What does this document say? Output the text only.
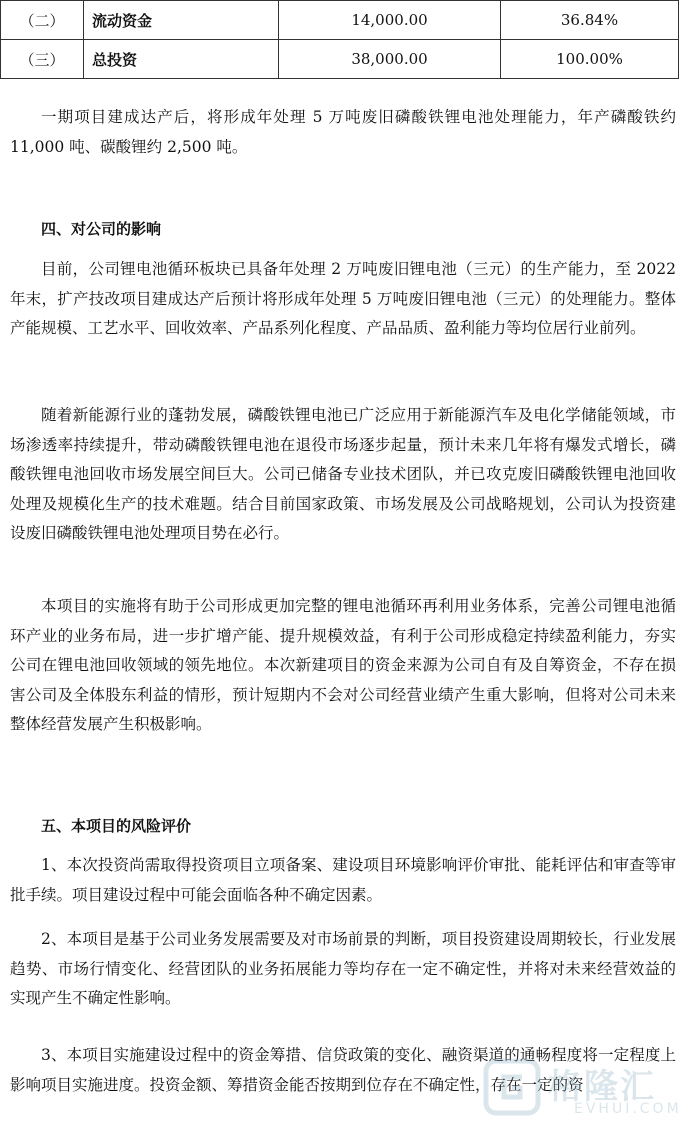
（二）	流动资金	14,000.00	36.84%
（三）	总投资	38,000.00	100.00%

一期项目建成达产后，将形成年处理 5 万吨废旧磷酸铁锂电池处理能力，年产磷酸铁约 11,000 吨、碳酸锂约 2,500 吨。

四、对公司的影响

目前，公司锂电池循环板块已具备年处理 2 万吨废旧锂电池（三元）的生产能力，至 2022 年末，扩产技改项目建成达产后预计将形成年处理 5 万吨废旧锂电池（三元）的处理能力。整体产能规模、工艺水平、回收效率、产品系列化程度、产品品质、盈利能力等均位居行业前列。

随着新能源行业的蓬勃发展，磷酸铁锂电池已广泛应用于新能源汽车及电化学储能领域，市场渗透率持续提升，带动磷酸铁锂电池在退役市场逐步起量，预计未来几年将有爆发式增长，磷酸铁锂电池回收市场发展空间巨大。公司已储备专业技术团队，并已攻克废旧磷酸铁锂电池回收处理及规模化生产的技术难题。结合目前国家政策、市场发展及公司战略规划，公司认为投资建设废旧磷酸铁锂电池处理项目势在必行。

本项目的实施将有助于公司形成更加完整的锂电池循环再利用业务体系，完善公司锂电池循环产业的业务布局，进一步扩增产能、提升规模效益，有利于公司形成稳定持续盈利能力，夯实公司在锂电池回收领域的领先地位。本次新建项目的资金来源为公司自有及自筹资金，不存在损害公司及全体股东利益的情形，预计短期内不会对公司经营业绩产生重大影响，但将对公司未来整体经营发展产生积极影响。

五、本项目的风险评价

1、本次投资尚需取得投资项目立项备案、建设项目环境影响评价审批、能耗评估和审查等审批手续。项目建设过程中可能会面临各种不确定因素。

2、本项目是基于公司业务发展需要及对市场前景的判断，项目投资建设周期较长，行业发展趋势、市场行情变化、经营团队的业务拓展能力等均存在一定不确定性，并将对未来经营效益的实现产生不确定性影响。

3、本项目实施建设过程中的资金筹措、信贷政策的变化、融资渠道的通畅程度将一定程度上影响项目实施进度。投资金额、筹措资金能否按期到位存在不确定性，存在一定的资

格隆汇
EVHUI.COM
